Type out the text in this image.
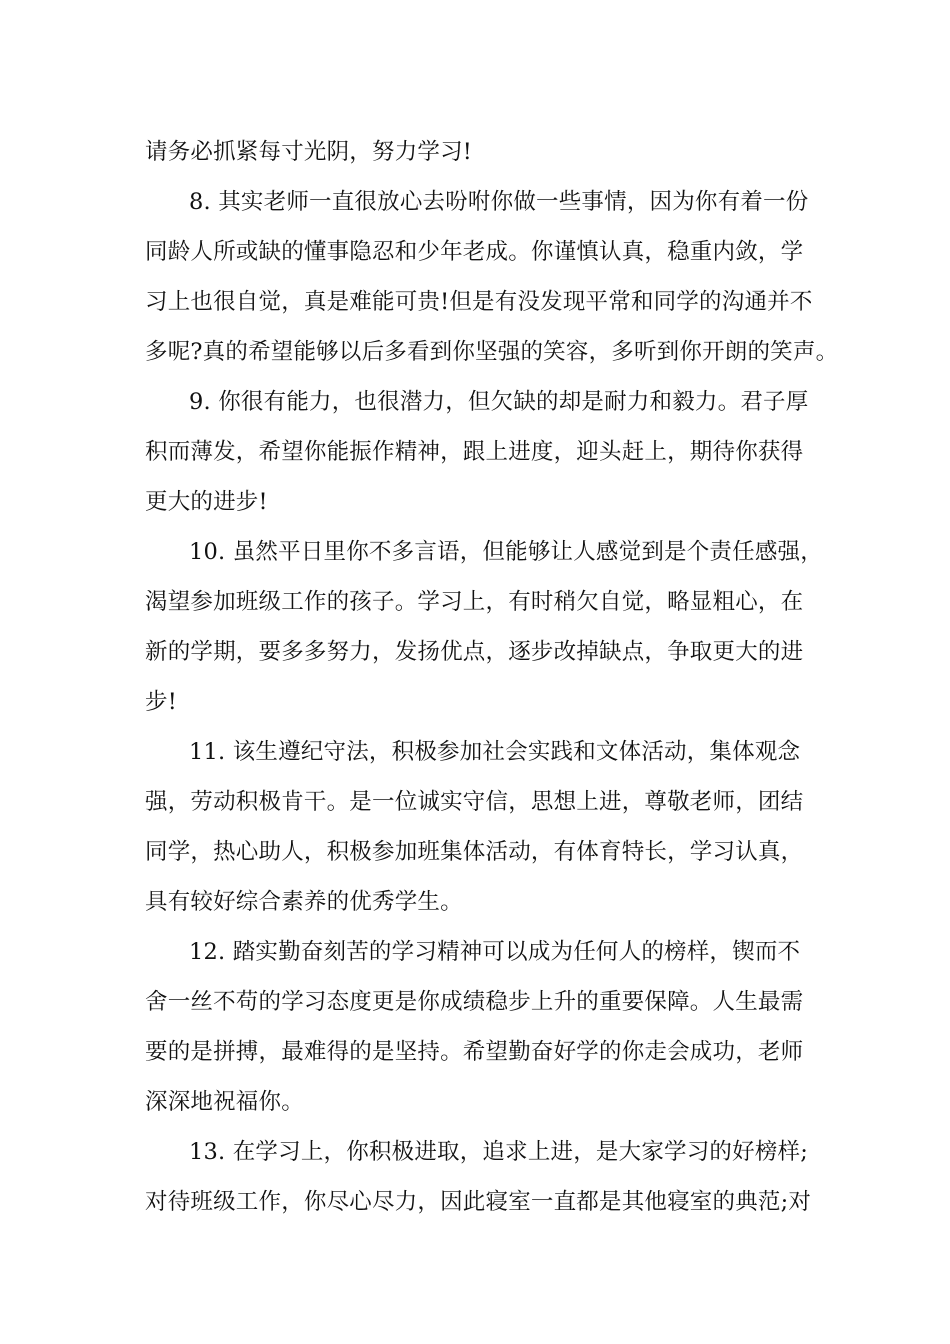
请务必抓紧每寸光阴，努力学习!
8. 其实老师一直很放心去吩咐你做一些事情，因为你有着一份
同龄人所或缺的懂事隐忍和少年老成。你谨慎认真，稳重内敛，学
习上也很自觉，真是难能可贵!但是有没发现平常和同学的沟通并不
多呢?真的希望能够以后多看到你坚强的笑容，多听到你开朗的笑声。
9. 你很有能力，也很潜力，但欠缺的却是耐力和毅力。君子厚
积而薄发，希望你能振作精神，跟上进度，迎头赶上，期待你获得
更大的进步!
10. 虽然平日里你不多言语，但能够让人感觉到是个责任感强，
渴望参加班级工作的孩子。学习上，有时稍欠自觉，略显粗心，在
新的学期，要多多努力，发扬优点，逐步改掉缺点，争取更大的进
步!
11. 该生遵纪守法，积极参加社会实践和文体活动，集体观念
强，劳动积极肯干。是一位诚实守信，思想上进，尊敬老师，团结
同学，热心助人，积极参加班集体活动，有体育特长，学习认真，
具有较好综合素养的优秀学生。
12. 踏实勤奋刻苦的学习精神可以成为任何人的榜样，锲而不
舍一丝不苟的学习态度更是你成绩稳步上升的重要保障。人生最需
要的是拼搏，最难得的是坚持。希望勤奋好学的你走会成功，老师
深深地祝福你。
13. 在学习上，你积极进取，追求上进，是大家学习的好榜样;
对待班级工作，你尽心尽力，因此寝室一直都是其他寝室的典范;对
